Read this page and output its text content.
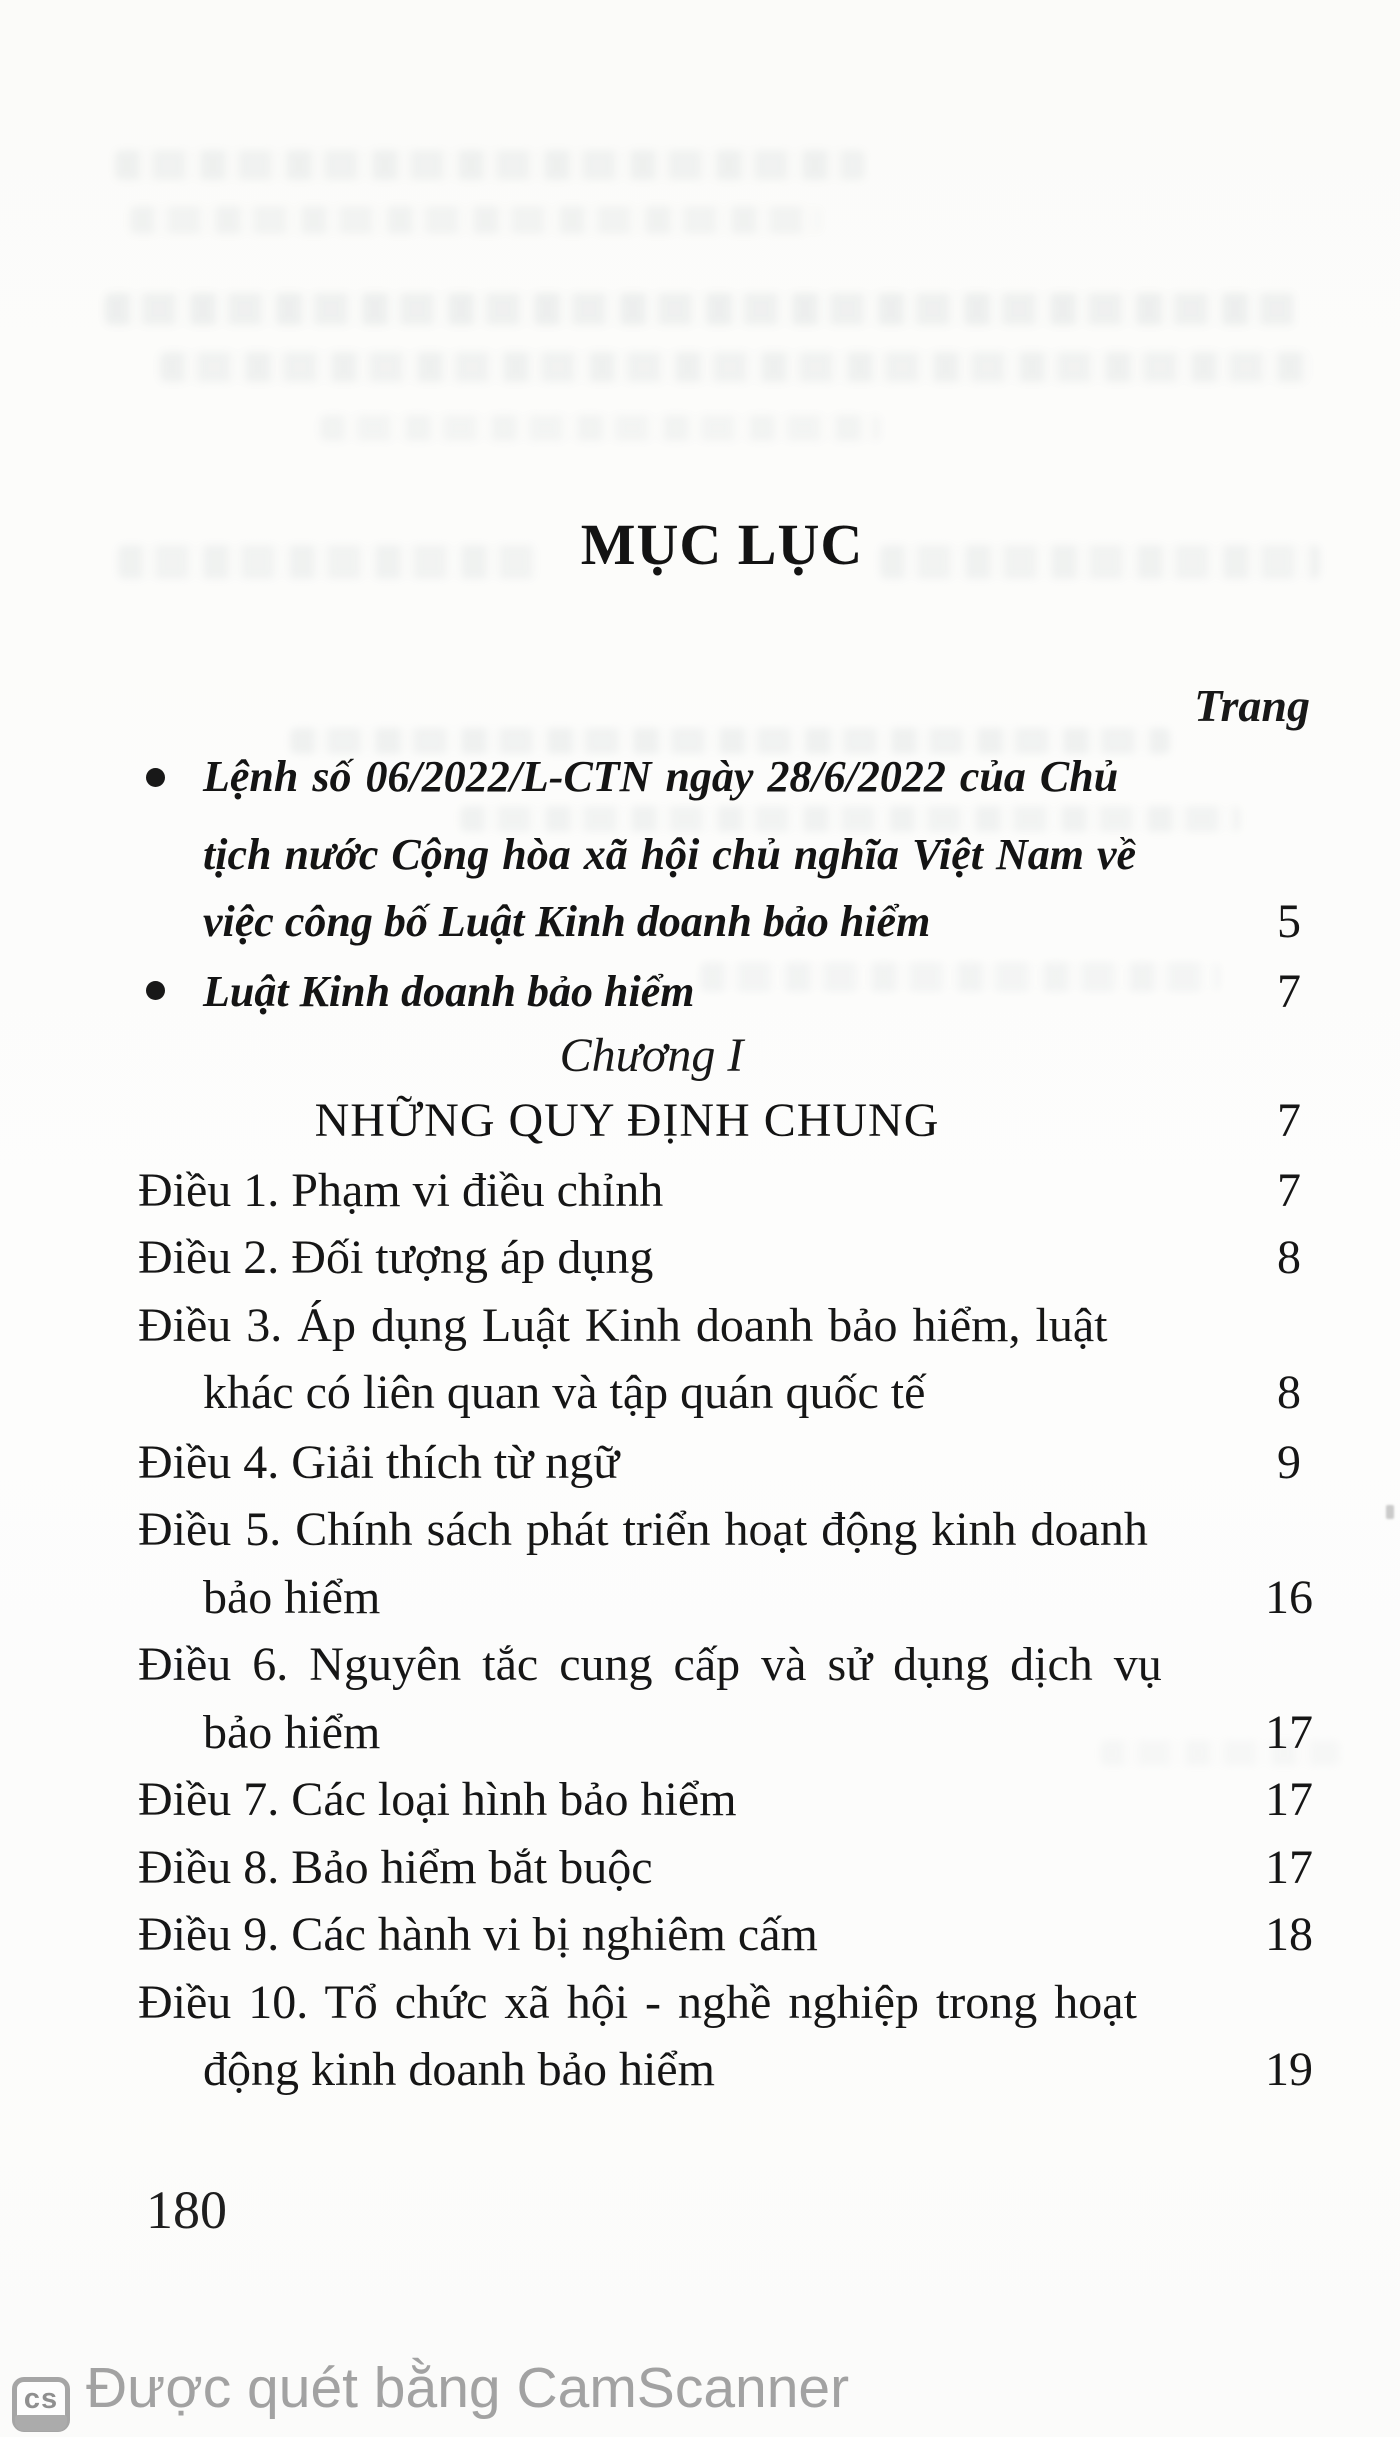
MỤC LỤC
Trang
Lệnh số 06/2022/L-CTN ngày 28/6/2022 của Chủ
tịch nước Cộng hòa xã hội chủ nghĩa Việt Nam về
việc công bố Luật Kinh doanh bảo hiểm
Luật Kinh doanh bảo hiểm
Chương I
NHỮNG QUY ĐỊNH CHUNG
Điều 1. Phạm vi điều chỉnh
Điều 2. Đối tượng áp dụng
Điều 3. Áp dụng Luật Kinh doanh bảo hiểm, luật
khác có liên quan và tập quán quốc tế
Điều 4. Giải thích từ ngữ
Điều 5. Chính sách phát triển hoạt động kinh doanh
bảo hiểm
Điều 6. Nguyên tắc cung cấp và sử dụng dịch vụ
bảo hiểm
Điều 7. Các loại hình bảo hiểm
Điều 8. Bảo hiểm bắt buộc
Điều 9. Các hành vi bị nghiêm cấm
Điều 10. Tổ chức xã hội - nghề nghiệp trong hoạt
động kinh doanh bảo hiểm
5
7
7
7
8
8
9
16
17
17
17
18
19
180
cs Được quét bằng CamScanner
